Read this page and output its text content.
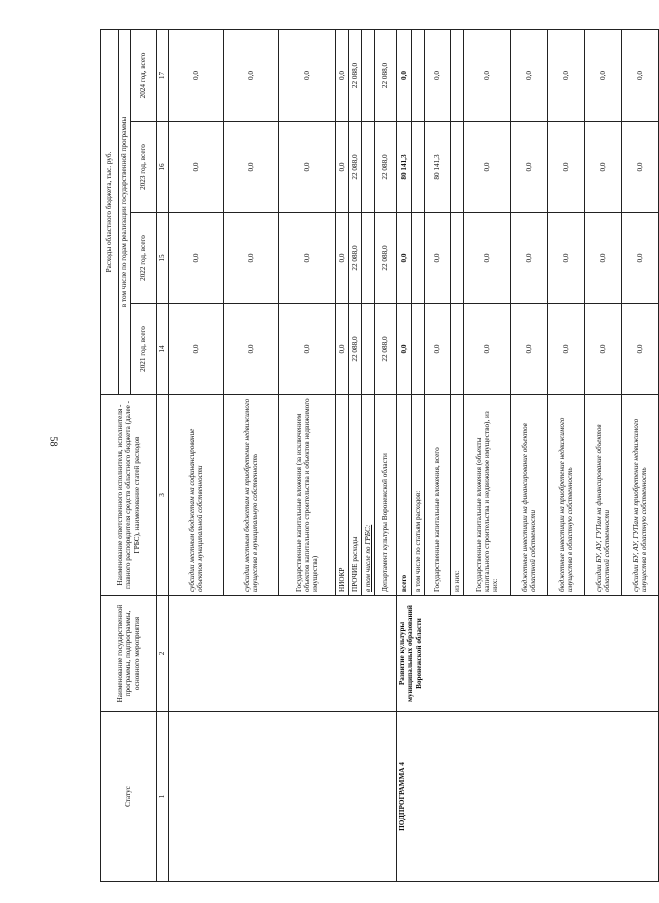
58
Статус	Наименование государственной программы, подпрограммы, основного мероприятия	Наименование ответственного исполнителя, исполнителя - главного распорядителя средств областного бюджета (далее - ГРБС), наименование статей расходов	Расходы областного бюджета, тыс. руб.			
			в том числе по годам реализации государственной программы			
			2021 год, всего	2022 год, всего	2023 год, всего	2024 год, всего
1	2	3	14	15	16	17
		субсидии местным бюджетам на софинансирование объектов муниципальной собственности	0,0	0,0	0,0	0,0
		субсидии местным бюджетам на приобретение недвижимого имущества в муниципальную собственность	0,0	0,0	0,0	0,0
		Государственные капитальные вложения (за исключением объектов капитального строительства и объектов недвижимого имущества)	0,0	0,0	0,0	0,0
		НИОКР	0,0	0,0	0,0	0,0
		ПРОЧИЕ расходы	22 088,0	22 088,0	22 088,0	22 088,0
		в том числе по ГРБС:				
		Департамент культуры Воронежской области	22 088,0	22 088,0	22 088,0	22 088,0
ПОДПРОГРАММА 4	Развитие культуры муниципальных образований Воронежской области	всего	0,0	0,0	80 141,3	0,0
		в том числе по статьям расходов:				
		Государственные капитальные вложения, всего	0,0	0,0	80 141,3	0,0
		из них:				
		Государственные капитальные вложения (объекты капитального строительства и недвижимое имущество), из них:	0,0	0,0	0,0	0,0
		бюджетные инвестиции на финансирование объектов областной собственности	0,0	0,0	0,0	0,0
		бюджетные инвестиции на приобретение недвижимого имущества в областную собственность	0,0	0,0	0,0	0,0
		субсидии БУ, АУ, ГУПам на финансирование объектов областной собственности	0,0	0,0	0,0	0,0
		субсидии БУ, АУ, ГУПам на приобретение недвижимого имущества в областную собственность	0,0	0,0	0,0	0,0
